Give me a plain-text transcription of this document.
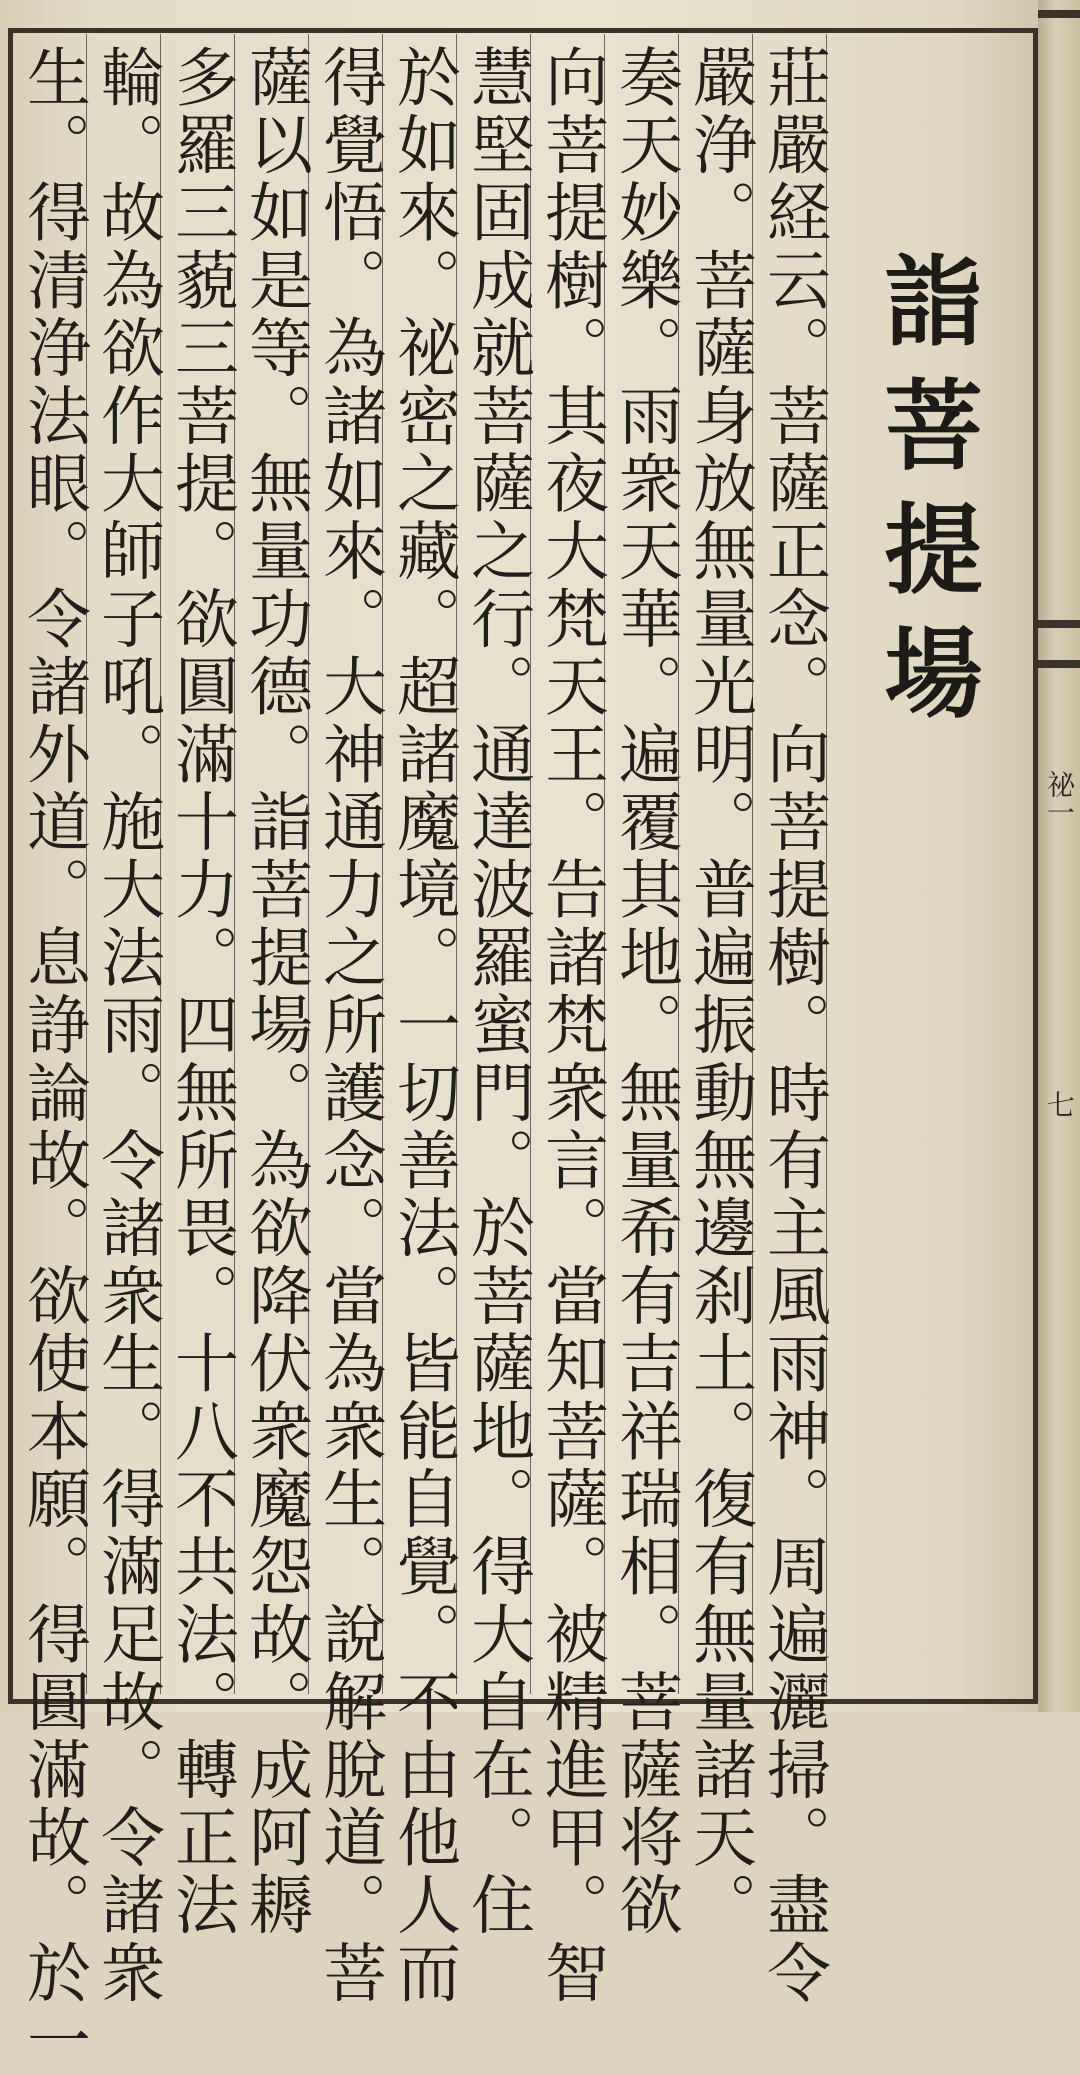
詣菩提場
莊嚴経云。菩薩正念。向菩提樹。時有主風雨神。周遍灑掃。盡令
嚴浄。菩薩身放無量光明。普遍振動無邊刹土。復有無量諸天。
奏天妙樂。雨衆天華。遍覆其地。無量希有吉祥瑞相。菩薩将欲
向菩提樹。其夜大梵天王。告諸梵衆言。當知菩薩。被精進甲。智
慧堅固成就菩薩之行。通達波羅蜜門。於菩薩地。得大自在。住
於如來。祕密之藏。超諸魔境。一切善法。皆能自覺。不由他人而
得覺悟。為諸如來。大神通力之所護念。當為衆生。說解脫道。菩
薩以如是等。無量功德。詣菩提場。為欲降伏衆魔怨故。成阿耨
多羅三藐三菩提。欲圓滿十力。四無所畏。十八不共法。轉正法
輪。故為欲作大師子吼。施大法雨。令諸衆生。得滿足故。令諸衆
生。得清浄法眼。令諸外道。息諍論故。欲使本願。得圓滿故。於一	祕一
七
